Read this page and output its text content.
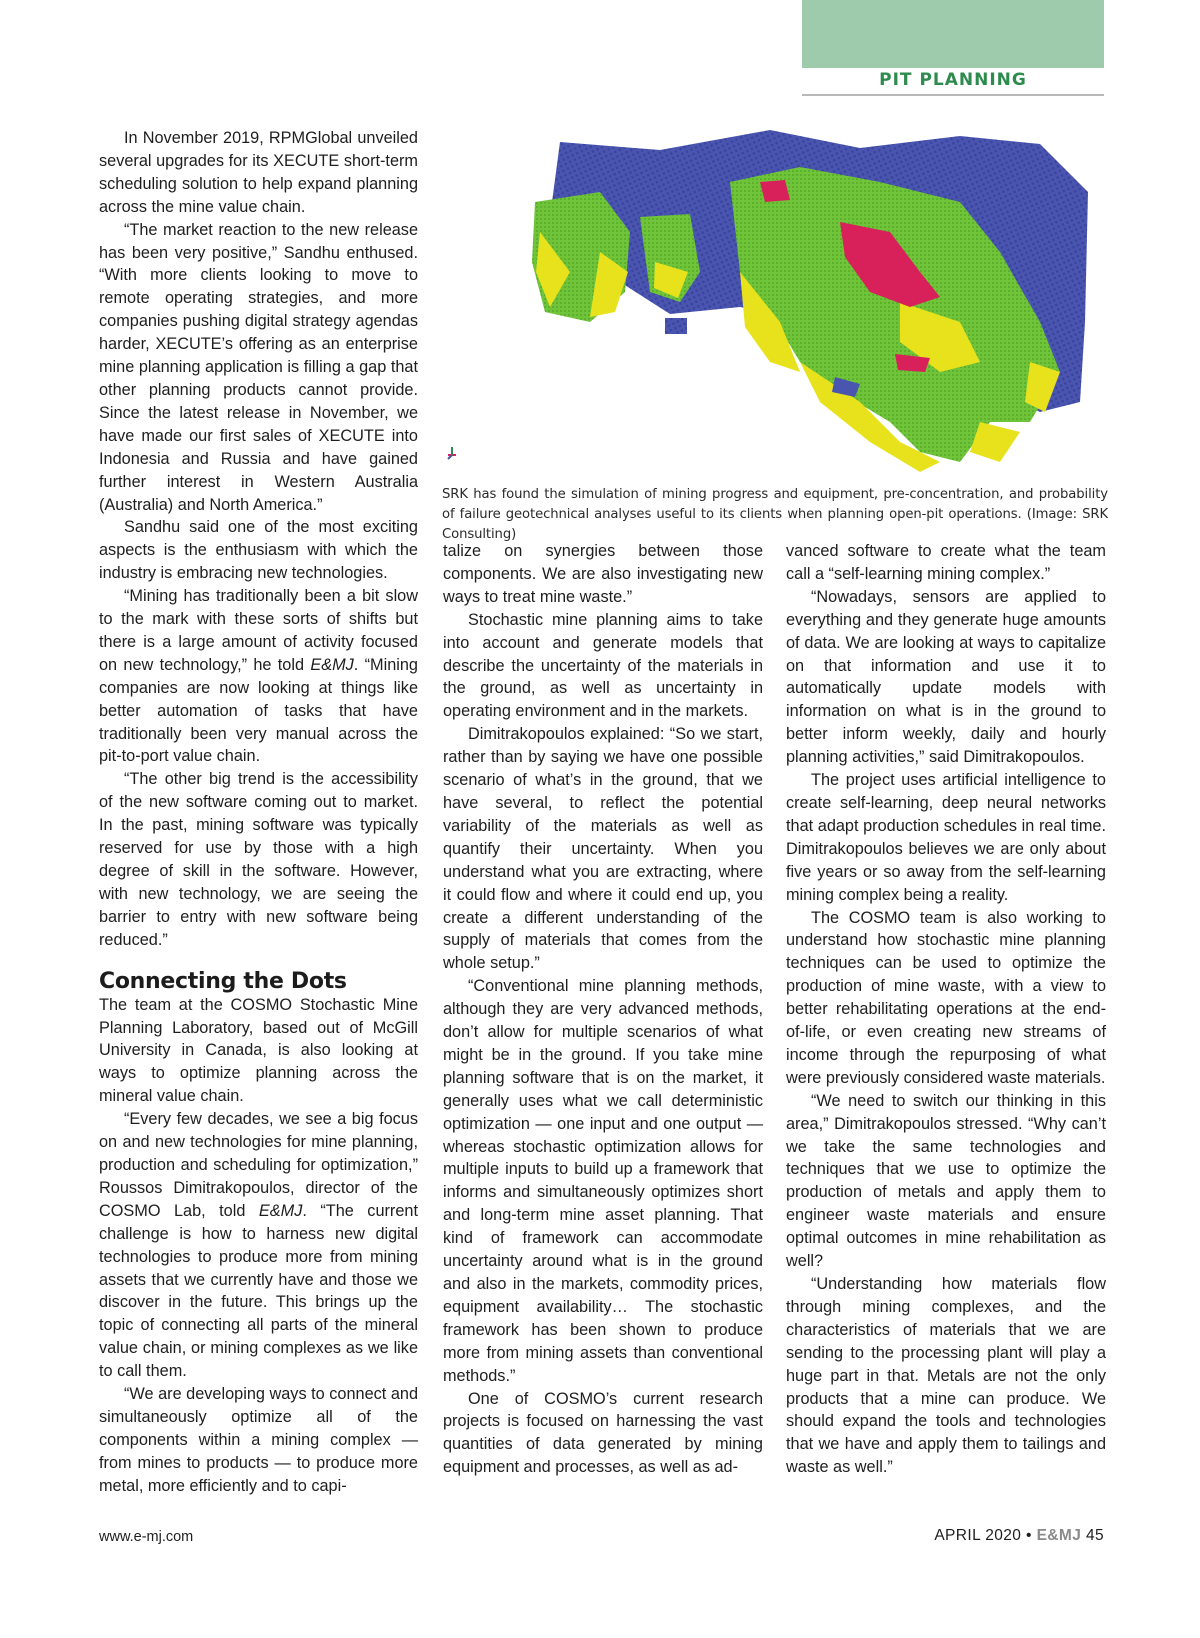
PIT PLANNING
SRK has found the simulation of mining progress and equipment, pre-concentration, and probability of failure geotechnical analyses useful to its clients when planning open-pit operations. (Image: SRK Consulting)

In November 2019, RPMGlobal unveiled several upgrades for its XECUTE short-term scheduling solution to help expand planning across the mine value chain.

“The market reaction to the new release has been very positive,” Sandhu enthused. “With more clients looking to move to remote operating strategies, and more companies pushing digital strategy agendas harder, XECUTE’s offering as an enterprise mine planning application is filling a gap that other planning products cannot provide. Since the latest release in November, we have made our first sales of XECUTE into Indonesia and Russia and have gained further interest in Western Australia (Australia) and North America.”

Sandhu said one of the most exciting aspects is the enthusiasm with which the industry is embracing new technologies.

“Mining has traditionally been a bit slow to the mark with these sorts of shifts but there is a large amount of activity focused on new technology,” he told E&MJ. “Mining companies are now looking at things like better automation of tasks that have traditionally been very manual across the pit-to-port value chain.

“The other big trend is the accessibility of the new software coming out to market. In the past, mining software was typically reserved for use by those with a high degree of skill in the software. However, with new technology, we are seeing the barrier to entry with new software being reduced.”

Connecting the Dots

The team at the COSMO Stochastic Mine Planning Laboratory, based out of McGill University in Canada, is also looking at ways to optimize planning across the mineral value chain.

“Every few decades, we see a big focus on and new technologies for mine planning, production and scheduling for optimization,” Roussos Dimitrakopoulos, director of the COSMO Lab, told E&MJ. “The current challenge is how to harness new digital technologies to produce more from mining assets that we currently have and those we discover in the future. This brings up the topic of connecting all parts of the mineral value chain, or mining complexes as we like to call them.

“We are developing ways to connect and simultaneously optimize all of the components within a mining complex — from mines to products — to produce more metal, more efficiently and to capi-

talize on synergies between those components. We are also investigating new ways to treat mine waste.”

Stochastic mine planning aims to take into account and generate models that describe the uncertainty of the materials in the ground, as well as uncertainty in operating environment and in the markets.

Dimitrakopoulos explained: “So we start, rather than by saying we have one possible scenario of what’s in the ground, that we have several, to reflect the potential variability of the materials as well as quantify their uncertainty. When you understand what you are extracting, where it could flow and where it could end up, you create a different understanding of the supply of materials that comes from the whole setup.”

“Conventional mine planning methods, although they are very advanced methods, don’t allow for multiple scenarios of what might be in the ground. If you take mine planning software that is on the market, it generally uses what we call deterministic optimization — one input and one output — whereas stochastic optimization allows for multiple inputs to build up a framework that informs and simultaneously optimizes short and long-term mine asset planning. That kind of framework can accommodate uncertainty around what is in the ground and also in the markets, commodity prices, equipment availability… The stochastic framework has been shown to produce more from mining assets than conventional methods.”

One of COSMO’s current research projects is focused on harnessing the vast quantities of data generated by mining equipment and processes, as well as ad-

vanced software to create what the team call a “self-learning mining complex.”

“Nowadays, sensors are applied to everything and they generate huge amounts of data. We are looking at ways to capitalize on that information and use it to automatically update models with information on what is in the ground to better inform weekly, daily and hourly planning activities,” said Dimitrakopoulos.

The project uses artificial intelligence to create self-learning, deep neural networks that adapt production schedules in real time. Dimitrakopoulos believes we are only about five years or so away from the self-learning mining complex being a reality.

The COSMO team is also working to understand how stochastic mine planning techniques can be used to optimize the production of mine waste, with a view to better rehabilitating operations at the end-of-life, or even creating new streams of income through the repurposing of what were previously considered waste materials.

“We need to switch our thinking in this area,” Dimitrakopoulos stressed. “Why can’t we take the same technologies and techniques that we use to optimize the production of metals and apply them to engineer waste materials and ensure optimal outcomes in mine rehabilitation as well?

“Understanding how materials flow through mining complexes, and the characteristics of materials that we are sending to the processing plant will play a huge part in that. Metals are not the only products that a mine can produce. We should expand the tools and technologies that we have and apply them to tailings and waste as well.”

www.e-mj.com	APRIL 2020 • E&MJ 45
